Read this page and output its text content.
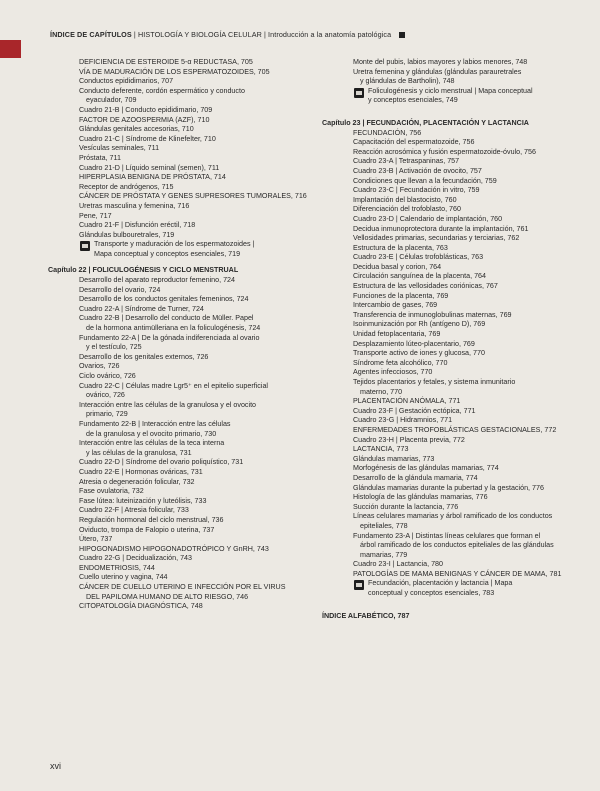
ÍNDICE DE CAPÍTULOS | HISTOLOGÍA Y BIOLOGÍA CELULAR | Introducción a la anatomía patológica
DEFICIENCIA DE ESTEROIDE 5-α REDUCTASA, 705
VÍA DE MADURACIÓN DE LOS ESPERMATOZOIDES, 705
Conductos epididimarios, 707
Conducto deferente, cordón espermático y conducto
eyaculador, 709
Cuadro 21-B | Conducto epididimario, 709
FACTOR DE AZOOSPERMIA (AZF), 710
Glándulas genitales accesorias, 710
Cuadro 21-C | Síndrome de Klinefelter, 710
Vesículas seminales, 711
Próstata, 711
Cuadro 21-D | Líquido seminal (semen), 711
HIPERPLASIA BENIGNA DE PRÓSTATA, 714
Receptor de andrógenos, 715
CÁNCER DE PRÓSTATA Y GENES SUPRESORES TUMORALES, 716
Uretras masculina y femenina, 716
Pene, 717
Cuadro 21-F | Disfunción eréctil, 718
Glándulas bulbouretrales, 719
Transporte y maduración de los espermatozoides |
Mapa conceptual y conceptos esenciales, 719
Capítulo 22 | FOLICULOGÉNESIS Y CICLO MENSTRUAL
Desarrollo del aparato reproductor femenino, 724
Desarrollo del ovario, 724
Desarrollo de los conductos genitales femeninos, 724
Cuadro 22-A | Síndrome de Turner, 724
Cuadro 22-B | Desarrollo del conducto de Müller. Papel
de la hormona antimülleriana en la foliculogénesis, 724
Fundamento 22-A | De la gónada indiferenciada al ovario
y el testículo, 725
Desarrollo de los genitales externos, 726
Ovarios, 726
Ciclo ovárico, 726
Cuadro 22-C | Células madre Lgr5⁺ en el epitelio superficial
ovárico, 726
Interacción entre las células de la granulosa y el ovocito
primario, 729
Fundamento 22-B | Interacción entre las células
de la granulosa y el ovocito primario, 730
Interacción entre las células de la teca interna
y las células de la granulosa, 731
Cuadro 22-D | Síndrome del ovario poliquístico, 731
Cuadro 22-E | Hormonas ováricas, 731
Atresia o degeneración folicular, 732
Fase ovulatoria, 732
Fase lútea: luteinización y luteólisis, 733
Cuadro 22-F | Atresia folicular, 733
Regulación hormonal del ciclo menstrual, 736
Oviducto, trompa de Falopio o uterina, 737
Útero, 737
HIPOGONADISMO HIPOGONADOTRÓPICO Y GnRH, 743
Cuadro 22-G | Decidualización, 743
ENDOMETRIOSIS, 744
Cuello uterino y vagina, 744
CÁNCER DE CUELLO UTERINO E INFECCIÓN POR EL VIRUS
DEL PAPILOMA HUMANO DE ALTO RIESGO, 746
CITOPATOLOGÍA DIAGNÓSTICA, 748
Monte del pubis, labios mayores y labios menores, 748
Uretra femenina y glándulas (glándulas parauretrales
y glándulas de Bartholin), 748
Foliculogénesis y ciclo menstrual | Mapa conceptual
y conceptos esenciales, 749
Capítulo 23 | FECUNDACIÓN, PLACENTACIÓN Y LACTANCIA
FECUNDACIÓN, 756
Capacitación del espermatozoide, 756
Reacción acrosómica y fusión espermatozoide-óvulo, 756
Cuadro 23-A | Tetraspaninas, 757
Cuadro 23-B | Activación de ovocito, 757
Condiciones que llevan a la fecundación, 759
Cuadro 23-C | Fecundación in vitro, 759
Implantación del blastocisto, 760
Diferenciación del trofoblasto, 760
Cuadro 23-D | Calendario de implantación, 760
Decidua inmunoprotectora durante la implantación, 761
Vellosidades primarias, secundarias y terciarias, 762
Estructura de la placenta, 763
Cuadro 23-E | Células trofoblásticas, 763
Decidua basal y corion, 764
Circulación sanguínea de la placenta, 764
Estructura de las vellosidades coriónicas, 767
Funciones de la placenta, 769
Intercambio de gases, 769
Transferencia de inmunoglobulinas maternas, 769
Isoinmunización por Rh (antígeno D), 769
Unidad fetoplacentaria, 769
Desplazamiento lúteo-placentario, 769
Transporte activo de iones y glucosa, 770
Síndrome feta alcohólico, 770
Agentes infecciosos, 770
Tejidos placentarios y fetales, y sistema inmunitario
materno, 770
PLACENTACIÓN ANÓMALA, 771
Cuadro 23-F | Gestación ectópica, 771
Cuadro 23-G | Hidramnios, 771
ENFERMEDADES TROFOBLÁSTICAS GESTACIONALES, 772
Cuadro 23-H | Placenta previa, 772
LACTANCIA, 773
Glándulas mamarias, 773
Morfogénesis de las glándulas mamarias, 774
Desarrollo de la glándula mamaria, 774
Glándulas mamarias durante la pubertad y la gestación, 776
Histología de las glándulas mamarias, 776
Succión durante la lactancia, 776
Líneas celulares mamarias y árbol ramificado de los conductos
epiteliales, 778
Fundamento 23-A | Distintas líneas celulares que forman el
árbol ramificado de los conductos epiteliales de las glándulas
mamarias, 779
Cuadro 23-I | Lactancia, 780
PATOLOGÍAS DE MAMA BENIGNAS Y CÁNCER DE MAMA, 781
Fecundación, placentación y lactancia | Mapa
conceptual y conceptos esenciales, 783
ÍNDICE ALFABÉTICO, 787
xvi
